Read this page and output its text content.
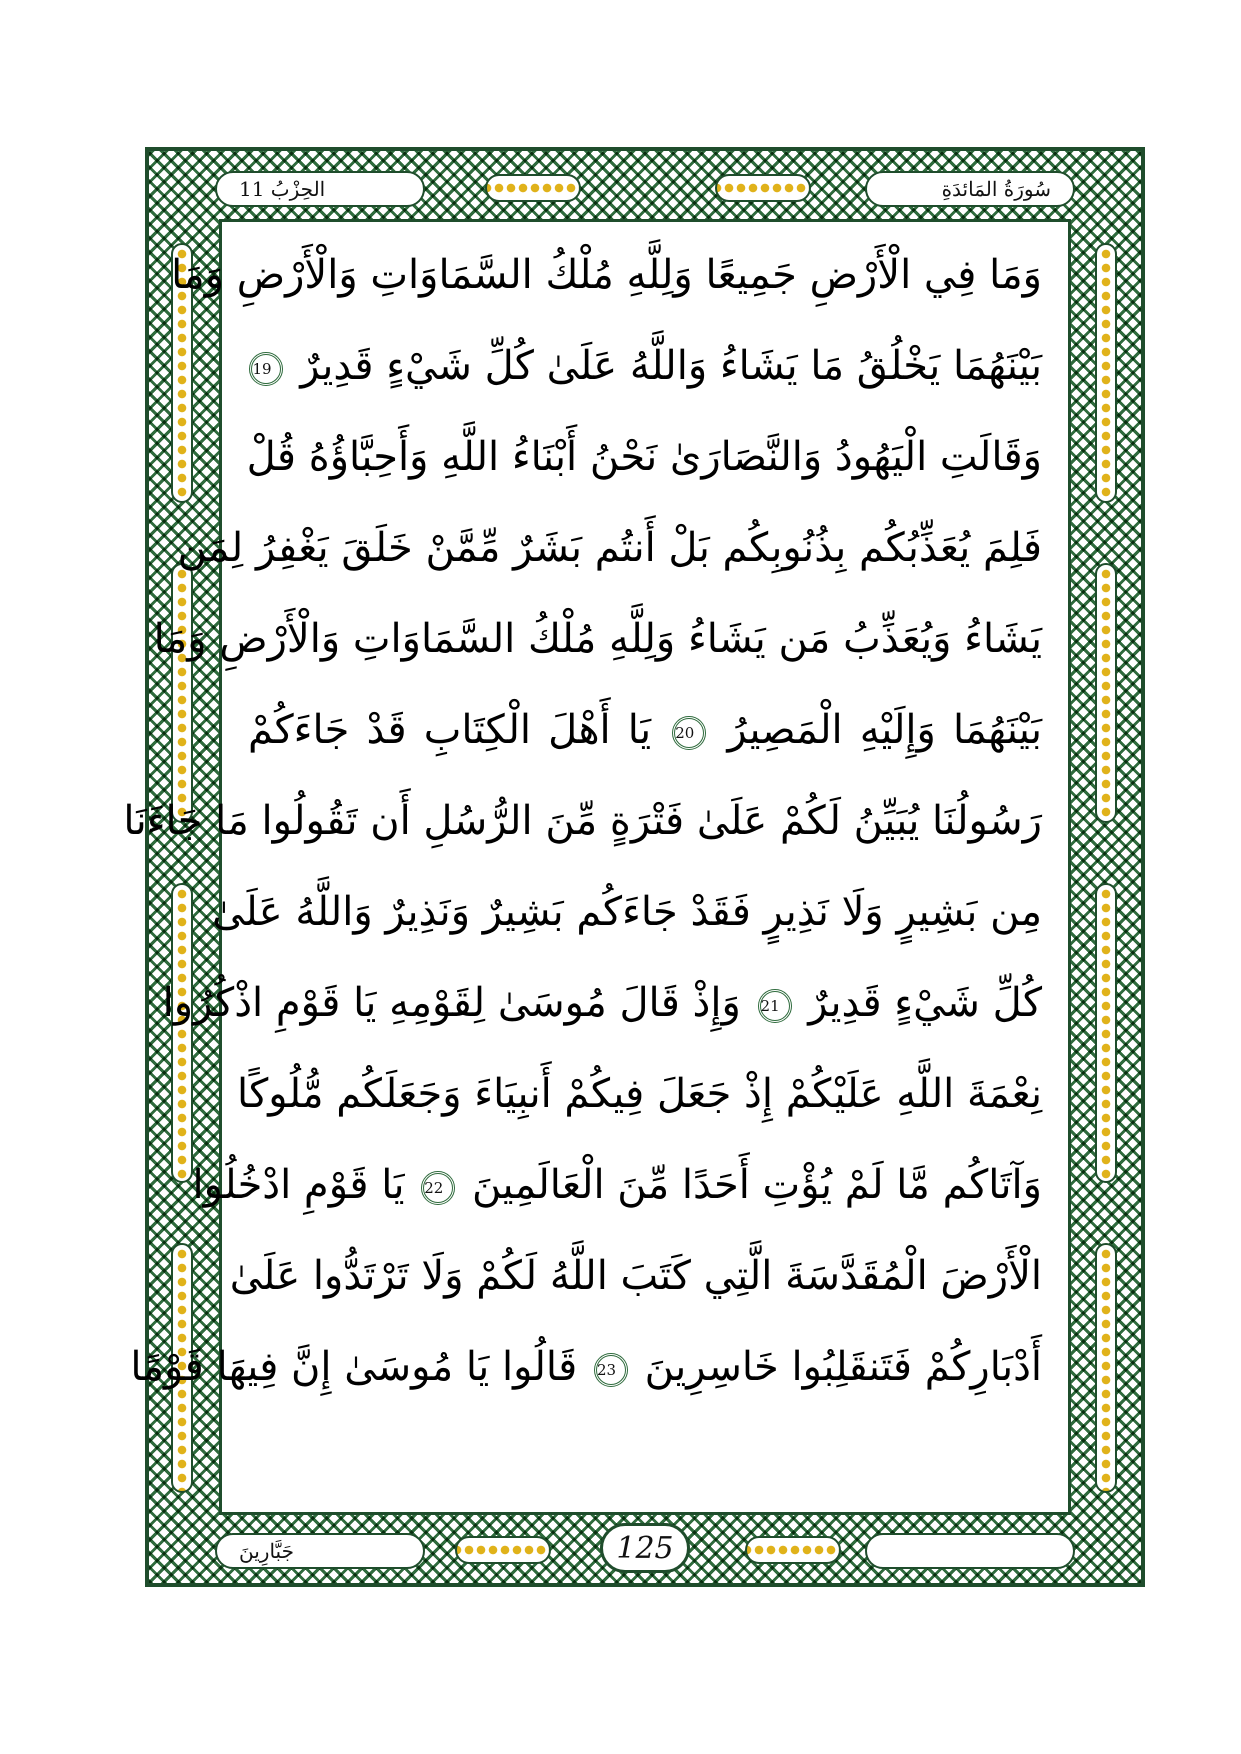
الحِزْبُ 11	سُورَةُ المَائدَةِ
وَمَا فِي الْأَرْضِ جَمِيعًا وَلِلَّهِ مُلْكُ السَّمَاوَاتِ وَالْأَرْضِ وَمَا
بَيْنَهُمَا يَخْلُقُ مَا يَشَاءُ وَاللَّهُ عَلَىٰ كُلِّ شَيْءٍ قَدِيرٌ 19
وَقَالَتِ الْيَهُودُ وَالنَّصَارَىٰ نَحْنُ أَبْنَاءُ اللَّهِ وَأَحِبَّاؤُهُ قُلْ
فَلِمَ يُعَذِّبُكُم بِذُنُوبِكُم بَلْ أَنتُم بَشَرٌ مِّمَّنْ خَلَقَ يَغْفِرُ لِمَن
يَشَاءُ وَيُعَذِّبُ مَن يَشَاءُ وَلِلَّهِ مُلْكُ السَّمَاوَاتِ وَالْأَرْضِ وَمَا
بَيْنَهُمَا وَإِلَيْهِ الْمَصِيرُ 20 يَا أَهْلَ الْكِتَابِ قَدْ جَاءَكُمْ
رَسُولُنَا يُبَيِّنُ لَكُمْ عَلَىٰ فَتْرَةٍ مِّنَ الرُّسُلِ أَن تَقُولُوا مَا جَاءَنَا
مِن بَشِيرٍ وَلَا نَذِيرٍ فَقَدْ جَاءَكُم بَشِيرٌ وَنَذِيرٌ وَاللَّهُ عَلَىٰ
كُلِّ شَيْءٍ قَدِيرٌ 21 وَإِذْ قَالَ مُوسَىٰ لِقَوْمِهِ يَا قَوْمِ اذْكُرُوا
نِعْمَةَ اللَّهِ عَلَيْكُمْ إِذْ جَعَلَ فِيكُمْ أَنبِيَاءَ وَجَعَلَكُم مُّلُوكًا
وَآتَاكُم مَّا لَمْ يُؤْتِ أَحَدًا مِّنَ الْعَالَمِينَ 22 يَا قَوْمِ ادْخُلُوا
الْأَرْضَ الْمُقَدَّسَةَ الَّتِي كَتَبَ اللَّهُ لَكُمْ وَلَا تَرْتَدُّوا عَلَىٰ
أَدْبَارِكُمْ فَتَنقَلِبُوا خَاسِرِينَ 23 قَالُوا يَا مُوسَىٰ إِنَّ فِيهَا قَوْمًا
جَبَّارِينَ	125
